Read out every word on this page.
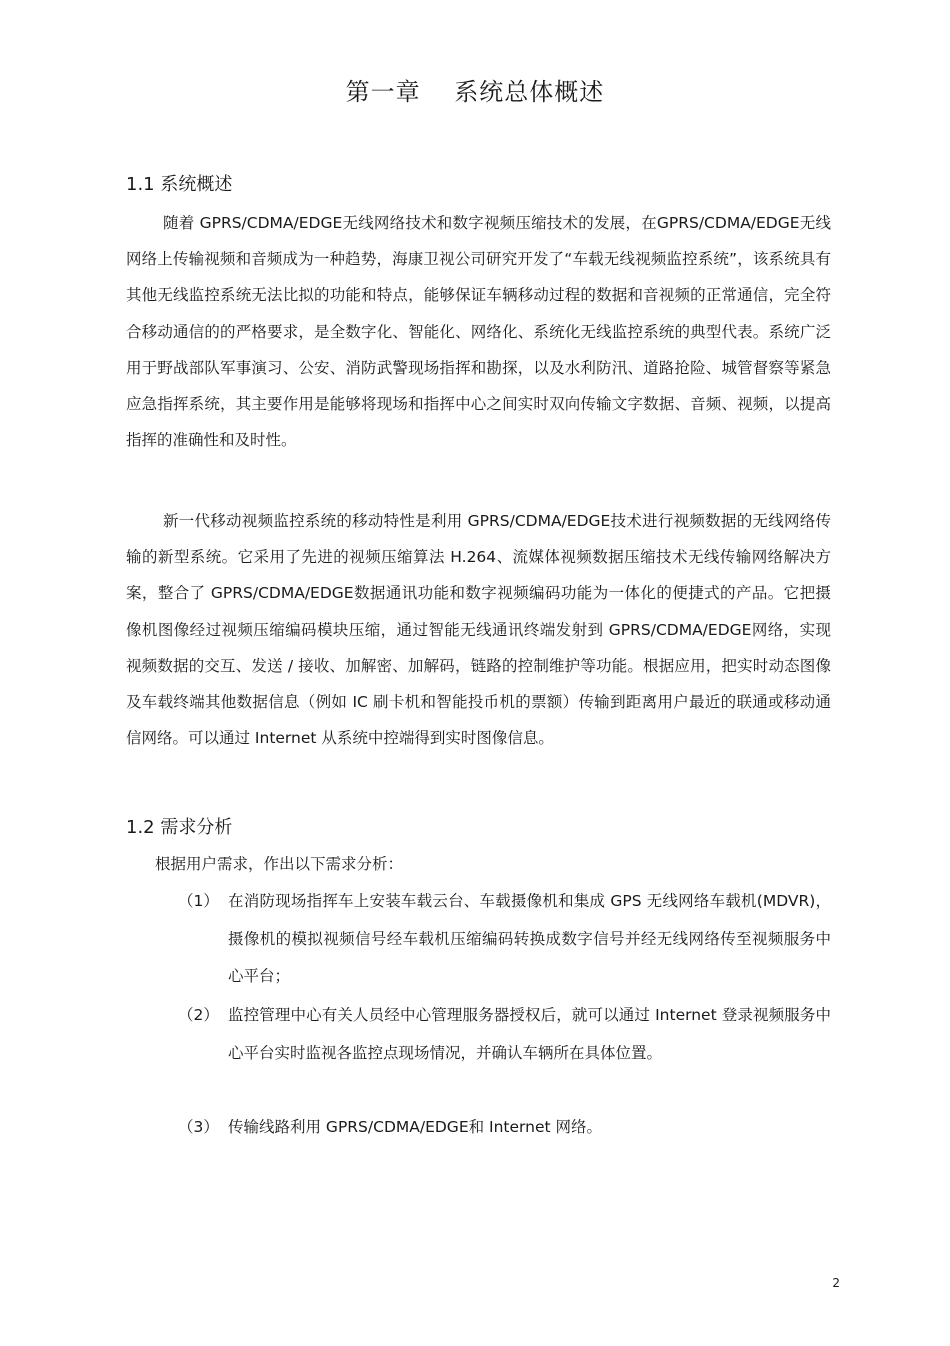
第一章　 系统总体概述
1.1 系统概述
随着 GPRS/CDMA/EDGE无线网络技术和数字视频压缩技术的发展，在GPRS/CDMA/EDGE无线网络上传输视频和音频成为一种趋势，海康卫视公司研究开发了“车载无线视频监控系统”，该系统具有其他无线监控系统无法比拟的功能和特点，能够保证车辆移动过程的数据和音视频的正常通信，完全符合移动通信的的严格要求，是全数字化、智能化、网络化、系统化无线监控系统的典型代表。系统广泛用于野战部队军事演习、公安、消防武警现场指挥和勘探，以及水利防汛、道路抢险、城管督察等紧急应急指挥系统，其主要作用是能够将现场和指挥中心之间实时双向传输文字数据、音频、视频，以提高指挥的准确性和及时性。
新一代移动视频监控系统的移动特性是利用 GPRS/CDMA/EDGE技术进行视频数据的无线网络传输的新型系统。它采用了先进的视频压缩算法 H.264、流媒体视频数据压缩技术无线传输网络解决方案，整合了 GPRS/CDMA/EDGE数据通讯功能和数字视频编码功能为一体化的便捷式的产品。它把摄像机图像经过视频压缩编码模块压缩，通过智能无线通讯终端发射到 GPRS/CDMA/EDGE网络，实现视频数据的交互、发送 / 接收、加解密、加解码，链路的控制维护等功能。根据应用，把实时动态图像及车载终端其他数据信息（例如 IC 刷卡机和智能投币机的票额）传输到距离用户最近的联通或移动通信网络。可以通过 Internet 从系统中控端得到实时图像信息。
1.2 需求分析
根据用户需求，作出以下需求分析：
（1） 在消防现场指挥车上安装车载云台、车载摄像机和集成 GPS 无线网络车载机(MDVR)，摄像机的模拟视频信号经车载机压缩编码转换成数字信号并经无线网络传至视频服务中心平台；
（2） 监控管理中心有关人员经中心管理服务器授权后，就可以通过 Internet 登录视频服务中心平台实时监视各监控点现场情况，并确认车辆所在具体位置。
（3） 传输线路利用 GPRS/CDMA/EDGE和 Internet 网络。
2
